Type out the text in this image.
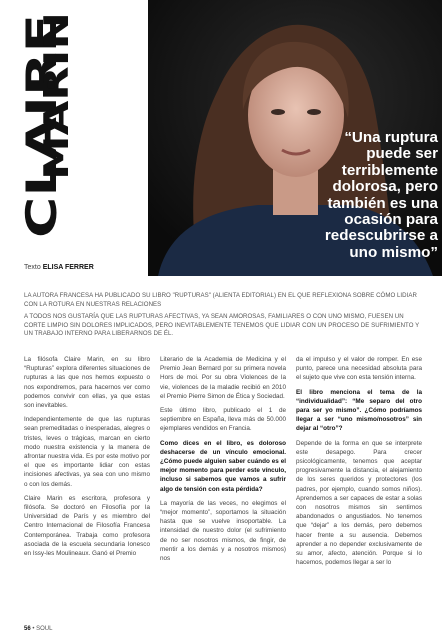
CLAIRE
MARIN	“Una ruptura
puede ser
terriblemente
dolorosa, pero
también es una
ocasión para
redescubrirse a
uno mismo”
Texto ELISA FERRER

LA AUTORA FRANCESA HA PUBLICADO SU LIBRO "RUPTURAS" (ALIENTA EDITORIAL) EN EL QUE REFLEXIONA SOBRE CÓMO LIDIAR CON LA ROTURA EN NUESTRAS RELACIONES

A TODOS NOS GUSTARÍA QUE LAS RUPTURAS AFECTIVAS, YA SEAN AMOROSAS, FAMILIARES O CON UNO MISMO, FUESEN UN CORTE LIMPIO SIN DOLORES IMPLICADOS, PERO INEVITABLEMENTE TENEMOS QUE LIDIAR CON UN PROCESO DE SUFRIMIENTO Y UN TRABAJO INTERNO PARA LIBERARNOS DE ÉL.

La filósofa Claire Marin, en su libro “Rupturas” explora diferentes situaciones de rupturas a las que nos hemos expuesto o nos expondremos, para hacernos ver como podemos convivir con ellas, ya que estas son inevitables.

Independientemente de que las rupturas sean premeditadas o inesperadas, alegres o tristes, leves o trágicas, marcan en cierto modo nuestra existencia y la manera de afrontar nuestra vida. Es por este motivo por el que es importante lidiar con estas incisiones afectivas, ya sea con uno mismo o con los demás.

Claire Marin es escritora, profesora y filósofa. Se doctoró en Filosofía por la Universidad de París y es miembro del Centro Internacional de Filosofía Francesa Contemporánea. Trabaja como profesora asociada de la escuela secundaria Ionesco en Issy-les Moulineaux. Ganó el Premio

Literario de la Academia de Medicina y el Premio Jean Bernard por su primera novela Hors de moi. Por su obra Violences de la vie, violences de la maladie recibió en 2010 el Premio Pierre Simon de Ética y Sociedad.

Este último libro, publicado el 1 de septiembre en España, lleva más de 50.000 ejemplares vendidos en Francia.

Como dices en el libro, es doloroso deshacerse de un vínculo emocional. ¿Cómo puede alguien saber cuándo es el mejor momento para perder este vínculo, incluso si sabemos que vamos a sufrir algo de tensión con esta pérdida?

La mayoría de las veces, no elegimos el “mejor momento”, soportamos la situación hasta que se vuelve insoportable. La intensidad de nuestro dolor (el sufrimiento de no ser nosotros mismos, de fingir, de mentir a los demás y a nosotros mismos) nos

da el impulso y el valor de romper. En ese punto, parece una necesidad absoluta para el sujeto que vive con esta tensión interna.

El libro menciona el tema de la “individualidad”: “Me separo del otro para ser yo mismo”. ¿Cómo podríamos llegar a ser “uno mismo/nosotros” sin dejar al “otro”?

Depende de la forma en que se interprete este desapego. Para crecer psicológicamente, tenemos que aceptar progresivamente la distancia, el alejamiento de los seres queridos y protectores (los padres, por ejemplo, cuando somos niños). Aprendemos a ser capaces de estar a solas con nosotros mismos sin sentirnos abandonados o angustiados. No tenemos que “dejar” a los demás, pero debemos hacer frente a su ausencia. Debemos aprender a no depender exclusivamente de su amor, afecto, atención. Porque si lo hacemos, podemos llegar a ser lo

56 • SOUL
